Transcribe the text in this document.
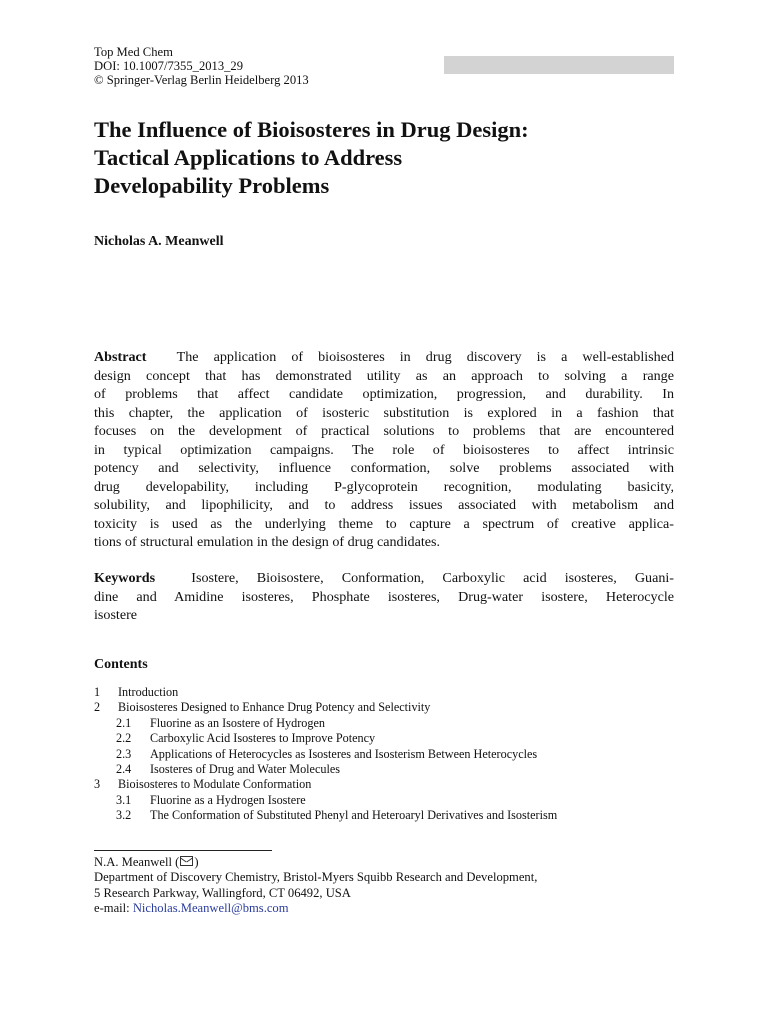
Top Med Chem
DOI: 10.1007/7355_2013_29
© Springer-Verlag Berlin Heidelberg 2013
The Influence of Bioisosteres in Drug Design:
Tactical Applications to Address
Developability Problems
Nicholas A. Meanwell
Abstract The application of bioisosteres in drug discovery is a well-established
design concept that has demonstrated utility as an approach to solving a range
of problems that affect candidate optimization, progression, and durability. In
this chapter, the application of isosteric substitution is explored in a fashion that
focuses on the development of practical solutions to problems that are encountered
in typical optimization campaigns. The role of bioisosteres to affect intrinsic
potency and selectivity, influence conformation, solve problems associated with
drug developability, including P-glycoprotein recognition, modulating basicity,
solubility, and lipophilicity, and to address issues associated with metabolism and
toxicity is used as the underlying theme to capture a spectrum of creative applica-
tions of structural emulation in the design of drug candidates.
Keywords	Isostere, Bioisostere, Conformation, Carboxylic acid isosteres, Guani-
dine and Amidine isosteres, Phosphate isosteres, Drug-water isostere, Heterocycle
isostere
Contents
1 Introduction
2 Bioisosteres Designed to Enhance Drug Potency and Selectivity
2.1 Fluorine as an Isostere of Hydrogen
2.2 Carboxylic Acid Isosteres to Improve Potency
2.3 Applications of Heterocycles as Isosteres and Isosterism Between Heterocycles
2.4 Isosteres of Drug and Water Molecules
3 Bioisosteres to Modulate Conformation
3.1 Fluorine as a Hydrogen Isostere
3.2 The Conformation of Substituted Phenyl and Heteroaryl Derivatives and Isosterism
N.A. Meanwell ( )
Department of Discovery Chemistry, Bristol-Myers Squibb Research and Development,
5 Research Parkway, Wallingford, CT 06492, USA
e-mail: Nicholas.Meanwell@bms.com
